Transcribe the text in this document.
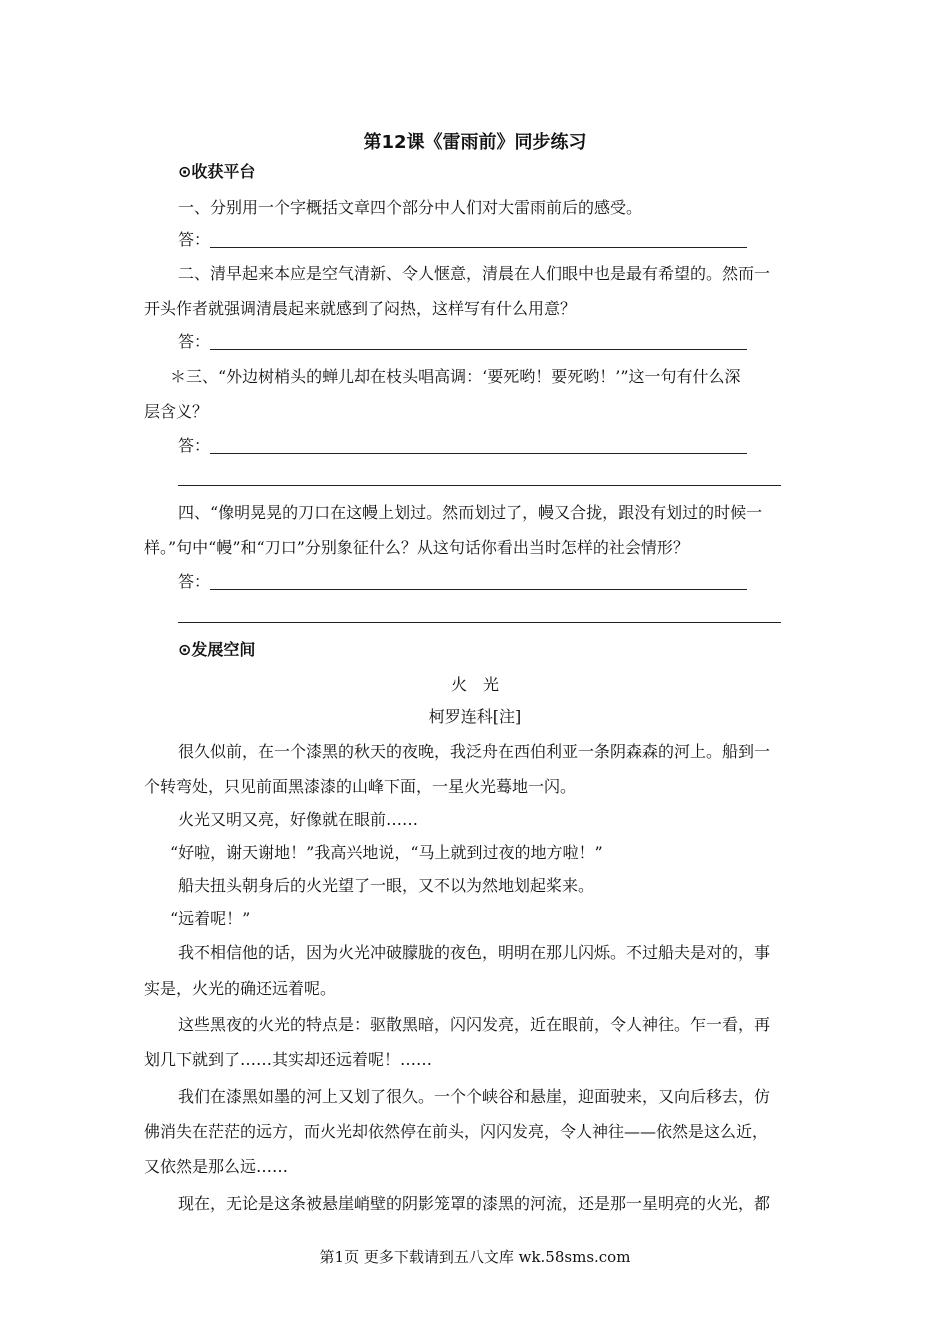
第12课《雷雨前》同步练习
⊙收获平台
一、分别用一个字概括文章四个部分中人们对大雷雨前后的感受。
答：
二、清早起来本应是空气清新、令人惬意，清晨在人们眼中也是最有希望的。然而一
开头作者就强调清晨起来就感到了闷热，这样写有什么用意？
答：
＊三、“外边树梢头的蝉儿却在枝头唱高调：‘要死哟！要死哟！’”这一句有什么深
层含义？
答：
四、“像明晃晃的刀口在这幔上划过。然而划过了，幔又合拢，跟没有划过的时候一
样。”句中“幔”和“刀口”分别象征什么？从这句话你看出当时怎样的社会情形？
答：
⊙发展空间
火　光
柯罗连科[注]
很久似前，在一个漆黑的秋天的夜晚，我泛舟在西伯利亚一条阴森森的河上。船到一
个转弯处，只见前面黑漆漆的山峰下面，一星火光蓦地一闪。
火光又明又亮，好像就在眼前……
“好啦，谢天谢地！”我高兴地说，“马上就到过夜的地方啦！”
船夫扭头朝身后的火光望了一眼，又不以为然地划起桨来。
“远着呢！”
我不相信他的话，因为火光冲破朦胧的夜色，明明在那儿闪烁。不过船夫是对的，事
实是，火光的确还远着呢。
这些黑夜的火光的特点是：驱散黑暗，闪闪发亮，近在眼前，令人神往。乍一看，再
划几下就到了……其实却还远着呢！……
我们在漆黑如墨的河上又划了很久。一个个峡谷和悬崖，迎面驶来，又向后移去，仿
佛消失在茫茫的远方，而火光却依然停在前头，闪闪发亮，令人神往——依然是这么近，
又依然是那么远……
现在，无论是这条被悬崖峭壁的阴影笼罩的漆黑的河流，还是那一星明亮的火光，都
第1页 更多下载请到五八文库 wk.58sms.com
